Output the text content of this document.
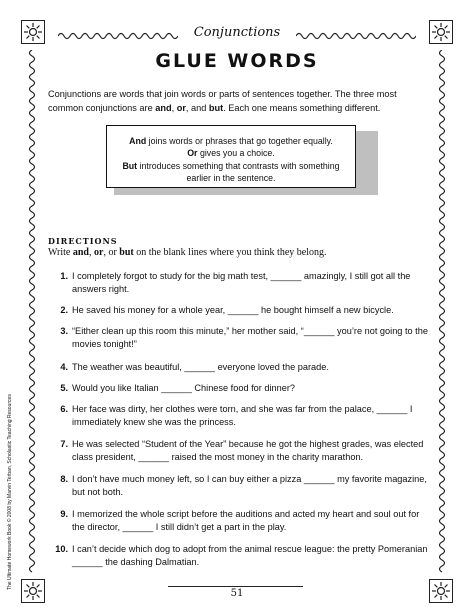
Conjunctions
GLUE WORDS
Conjunctions are words that join words or parts of sentences together. The three most common conjunctions are and, or, and but. Each one means something different.
And joins words or phrases that go together equally.
Or gives you a choice.
But introduces something that contrasts with something earlier in the sentence.
DIRECTIONS
Write and, or, or but on the blank lines where you think they belong.
1. I completely forgot to study for the big math test, ______ amazingly, I still got all the answers right.
2. He saved his money for a whole year, ______ he bought himself a new bicycle.
3. “Either clean up this room this minute,” her mother said, “______ you’re not going to the movies tonight!”
4. The weather was beautiful, ______ everyone loved the parade.
5. Would you like Italian ______ Chinese food for dinner?
6. Her face was dirty, her clothes were torn, and she was far from the palace, ______ I immediately knew she was the princess.
7. He was selected “Student of the Year” because he got the highest grades, was elected class president, ______ raised the most money in the charity marathon.
8. I don’t have much money left, so I can buy either a pizza ______ my favorite magazine, but not both.
9. I memorized the whole script before the auditions and acted my heart and soul out for the director, ______ I still didn’t get a part in the play.
10. I can’t decide which dog to adopt from the animal rescue league: the pretty Pomeranian ______ the dashing Dalmatian.
51
The Ultimate Homework Book © 2008 by Marvin Terban, Scholastic Teaching Resources
